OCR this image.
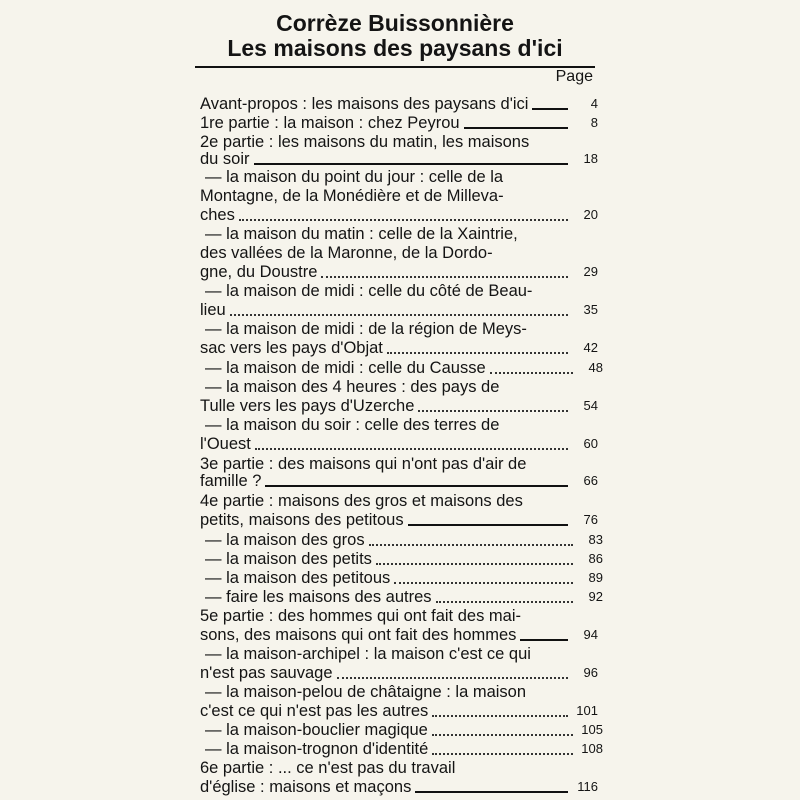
Corrèze Buissonnière
Les maisons des paysans d'ici
Page
Avant-propos : les maisons des paysans d'ici	4
1re partie : la maison : chez Peyrou	8
2e partie : les maisons du matin, les maisons
du soir	18
— la maison du point du jour : celle de la
Montagne, de la Monédière et de Millevа-
ches	20
— la maison du matin : celle de la Xaintrie,
des vallées de la Maronne, de la Dordo-
gne, du Doustre	29
— la maison de midi : celle du côté de Beau-
lieu	35
— la maison de midi : de la région de Meys-
sac vers les pays d'Objat	42
— la maison de midi : celle du Causse	48
— la maison des 4 heures : des pays de
Tulle vers les pays d'Uzerche	54
— la maison du soir : celle des terres de
l'Ouest	60
3e partie : des maisons qui n'ont pas d'air de
famille ?	66
4e partie : maisons des gros et maisons des
petits, maisons des petitous	76
— la maison des gros	83
— la maison des petits	86
— la maison des petitous	89
— faire les maisons des autres	92
5e partie : des hommes qui ont fait des mai-
sons, des maisons qui ont fait des hommes	94
— la maison-archipel : la maison c'est ce qui
n'est pas sauvage	96
— la maison-pelou de châtaigne : la maison
c'est ce qui n'est pas les autres	101
— la maison-bouclier magique	105
— la maison-trognon d'identité	108
6e partie : ... ce n'est pas du travail
d'église : maisons et maçons	116
